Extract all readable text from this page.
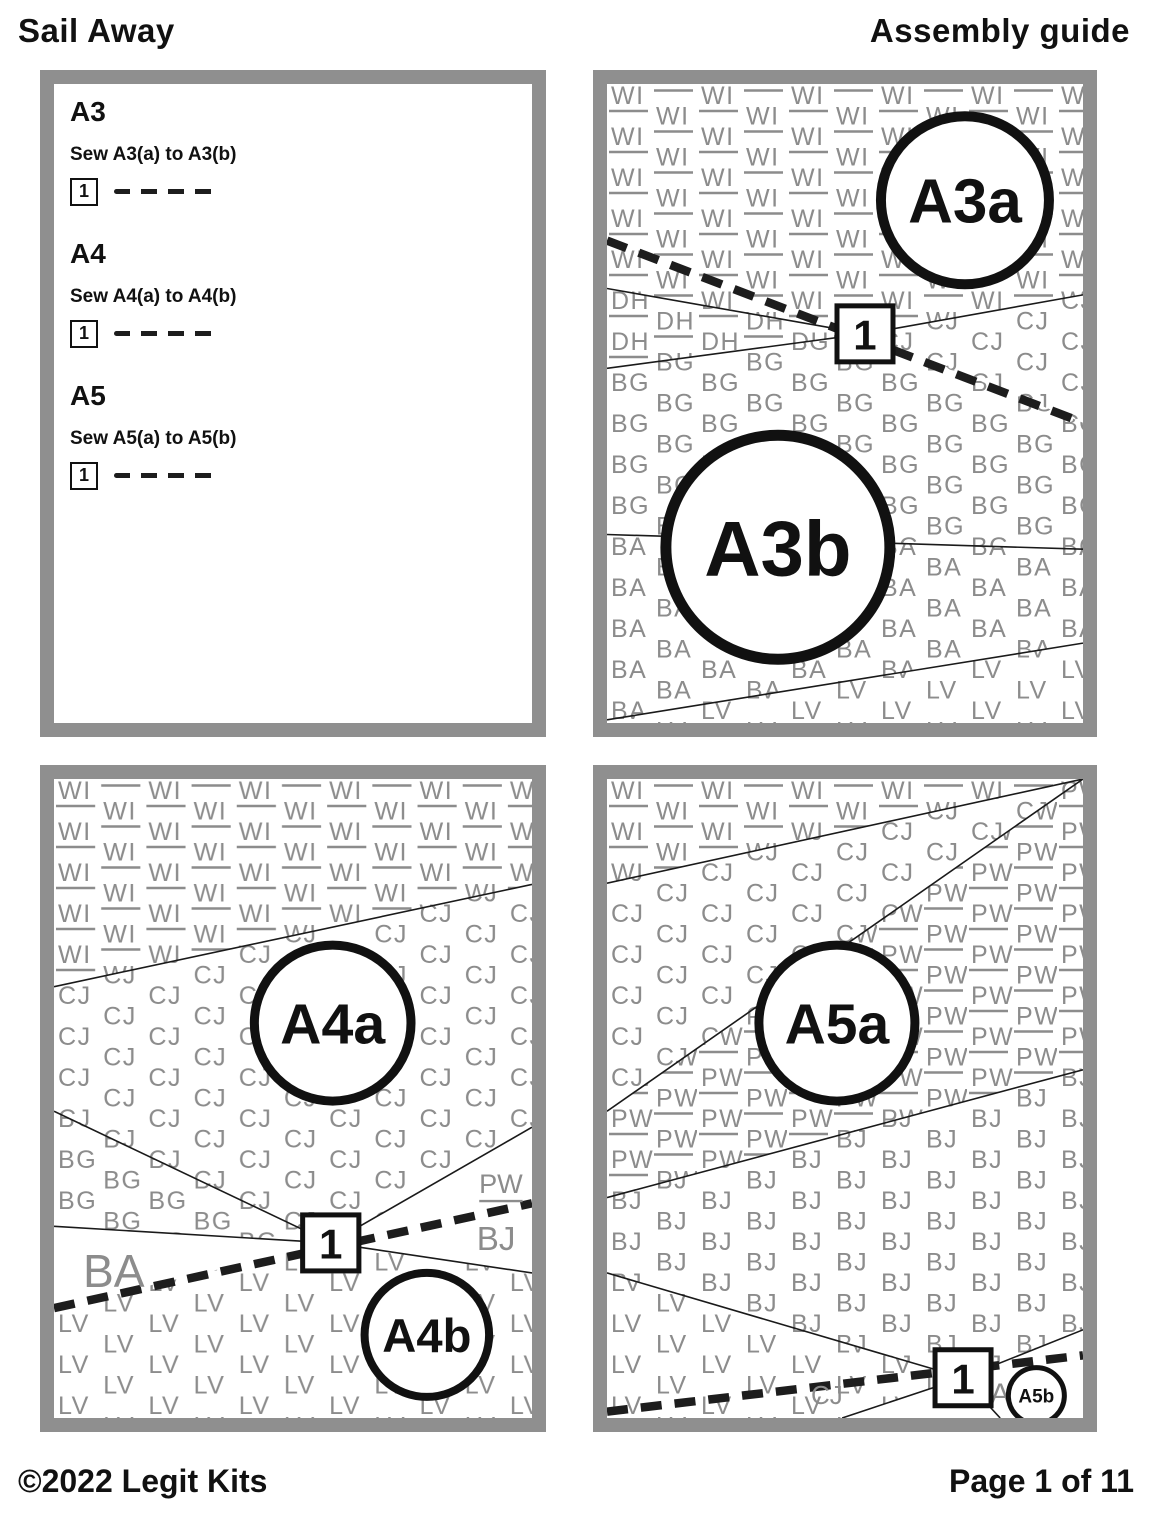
Sail Away	Assembly guide
A3
Sew A3(a) to A3(b)
1
A4
Sew A4(a) to A4(b)
1
A5
Sew A5(a) to A5(b)
1
A3a
A3b
1
BA
PW
BJ
A4a
A4b
1
CJ
A5a
A5b
1
©2022 Legit Kits	Page 1 of 11
